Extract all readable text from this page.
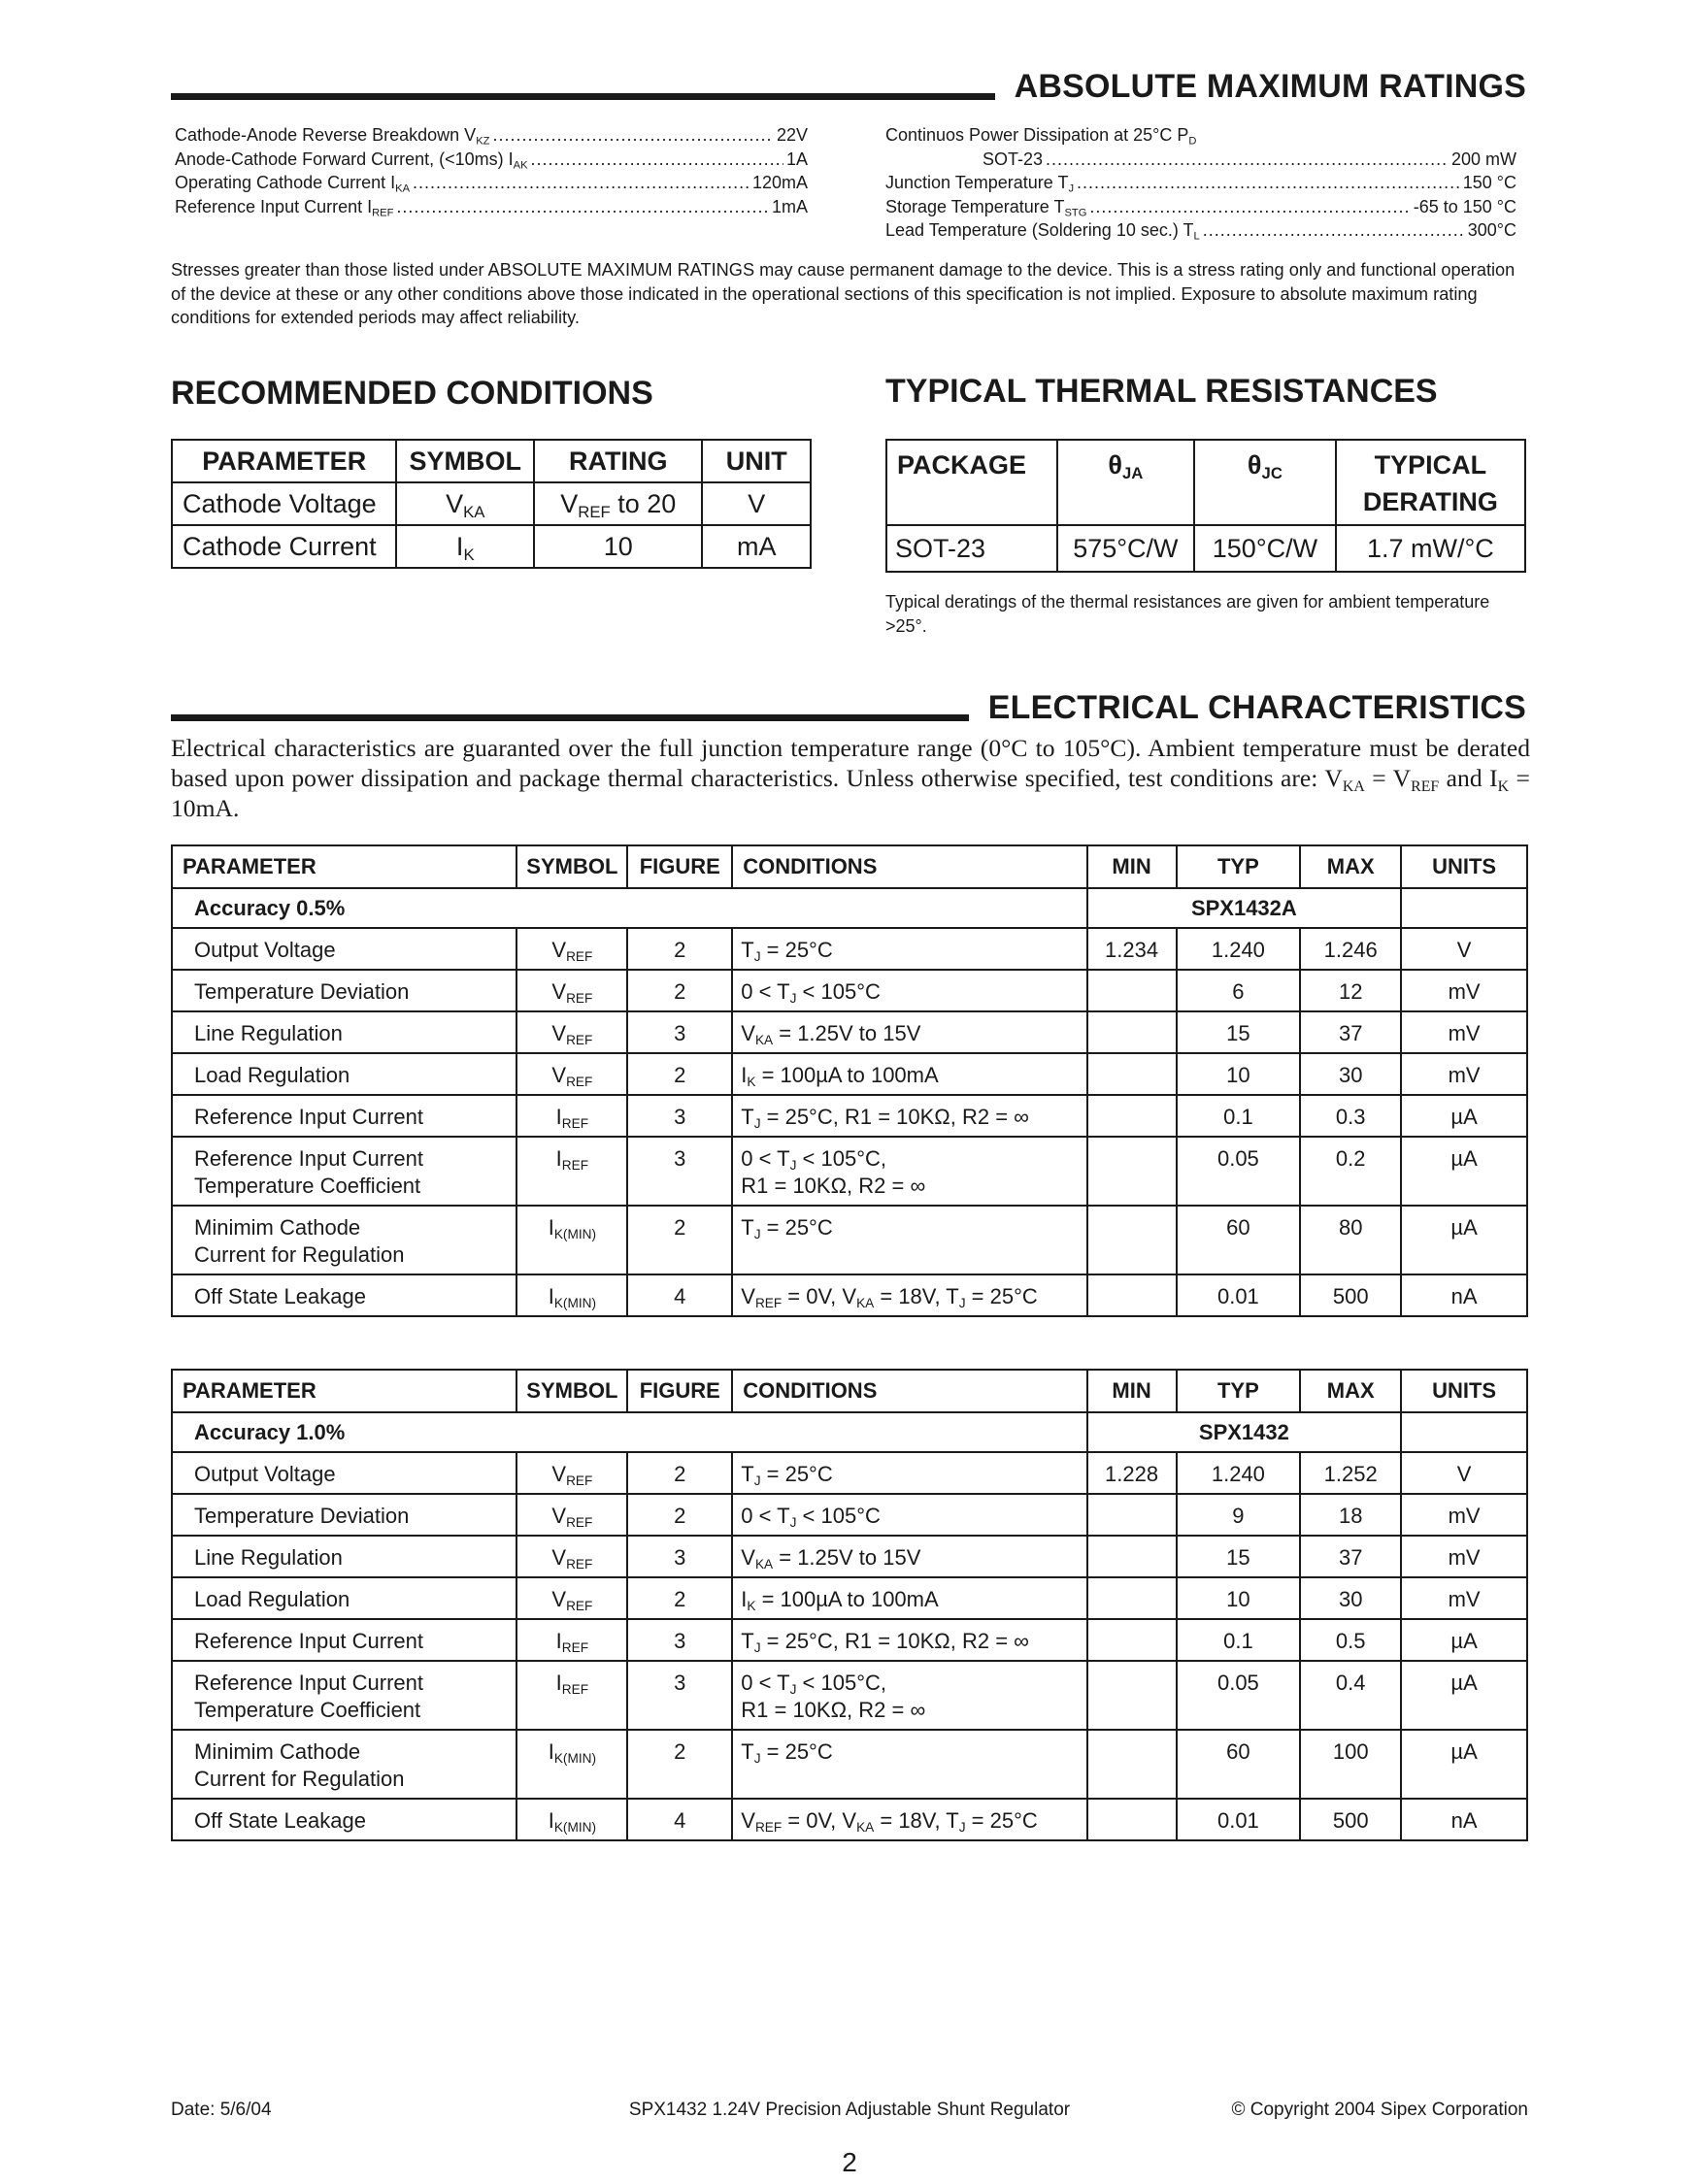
ABSOLUTE MAXIMUM RATINGS
Cathode-Anode Reverse Breakdown $V_{KZ}$ .....	22V
Anode-Cathode Forward Current, (<10ms) $I_{AK}$ .....	1A
Operating Cathode Current $I_{KA}$ .....	120mA
Reference Input Current $I_{REF}$ .....	1mA
Continuos Power Dissipation at 25°C $P_D$
SOT-23 .....	200 mW
Junction Temperature $T_J$ .....	150 °C
Storage Temperature $T_{STG}$ .....	-65 to 150 °C
Lead Temperature (Soldering 10 sec.) $T_L$ .....	300°C
Stresses greater than those listed under ABSOLUTE MAXIMUM RATINGS may cause permanent damage to the device. This is a stress rating only and functional operation of the device at these or any other conditions above those indicated in the operational sections of this specification is not implied. Exposure to absolute maximum rating conditions for extended periods may affect reliability.
RECOMMENDED CONDITIONS
PARAMETER	SYMBOL	RATING	UNIT
Cathode Voltage	$V_{KA}$	$V_{REF}$ to 20	V
Cathode Current	$I_K$	10	mA
TYPICAL THERMAL RESISTANCES
PACKAGE	$\theta_{JA}$	$\theta_{JC}$	TYPICAL
DERATING
SOT-23	575°C/W	150°C/W	1.7 mW/°C
Typical deratings of the thermal resistances are given for ambient temperature >25°.
ELECTRICAL CHARACTERISTICS
Electrical characteristics are guaranted over the full junction temperature range (0°C to 105°C). Ambient temperature must be derated based upon power dissipation and package thermal characteristics. Unless otherwise specified, test conditions are: $V_{KA} = V_{REF}$ and $I_K = 10mA$.
PARAMETER	SYMBOL	FIGURE	CONDITIONS	MIN	TYP	MAX	UNITS
Accuracy 0.5%				SPX1432A			
Output Voltage	$V_{REF}$	2	$T_J = 25^\circ C$	1.234	1.240	1.246	V
Temperature Deviation	$V_{REF}$	2	$0 < T_J < 105^\circ C$		6	12	mV
Line Regulation	$V_{REF}$	3	$V_{KA} = 1.25V$ to 15V		15	37	mV
Load Regulation	$V_{REF}$	2	$I_K = 100\mu A$ to 100mA		10	30	mV
Reference Input Current	$I_{REF}$	3	$T_J = 25^\circ C$, R1 = 10KΩ, R2 = ∞		0.1	0.3	µA
Reference Input Current
Temperature Coefficient	$I_{REF}$	3	$0 < T_J < 105^\circ C$,
R1 = 10KΩ, R2 = ∞		0.05	0.2	µA
Minimim Cathode
Current for Regulation	$I_{K(MIN)}$	2	$T_J = 25^\circ C$		60	80	µA
Off State Leakage	$I_{K(MIN)}$	4	$V_{REF} = 0V$, $V_{KA} = 18V$, $T_J = 25^\circ C$		0.01	500	nA
PARAMETER	SYMBOL	FIGURE	CONDITIONS	MIN	TYP	MAX	UNITS
Accuracy 1.0%				SPX1432			
Output Voltage	$V_{REF}$	2	$T_J = 25^\circ C$	1.228	1.240	1.252	V
Temperature Deviation	$V_{REF}$	2	$0 < T_J < 105^\circ C$		9	18	mV
Line Regulation	$V_{REF}$	3	$V_{KA} = 1.25V$ to 15V		15	37	mV
Load Regulation	$V_{REF}$	2	$I_K = 100\mu A$ to 100mA		10	30	mV
Reference Input Current	$I_{REF}$	3	$T_J = 25^\circ C$, R1 = 10KΩ, R2 = ∞		0.1	0.5	µA
Reference Input Current
Temperature Coefficient	$I_{REF}$	3	$0 < T_J < 105^\circ C$,
R1 = 10KΩ, R2 = ∞		0.05	0.4	µA
Minimim Cathode
Current for Regulation	$I_{K(MIN)}$	2	$T_J = 25^\circ C$		60	100	µA
Off State Leakage	$I_{K(MIN)}$	4	$V_{REF} = 0V$, $V_{KA} = 18V$, $T_J = 25^\circ C$		0.01	500	nA
Date: 5/6/04	SPX1432 1.24V Precision Adjustable Shunt Regulator	© Copyright 2004 Sipex Corporation
2
